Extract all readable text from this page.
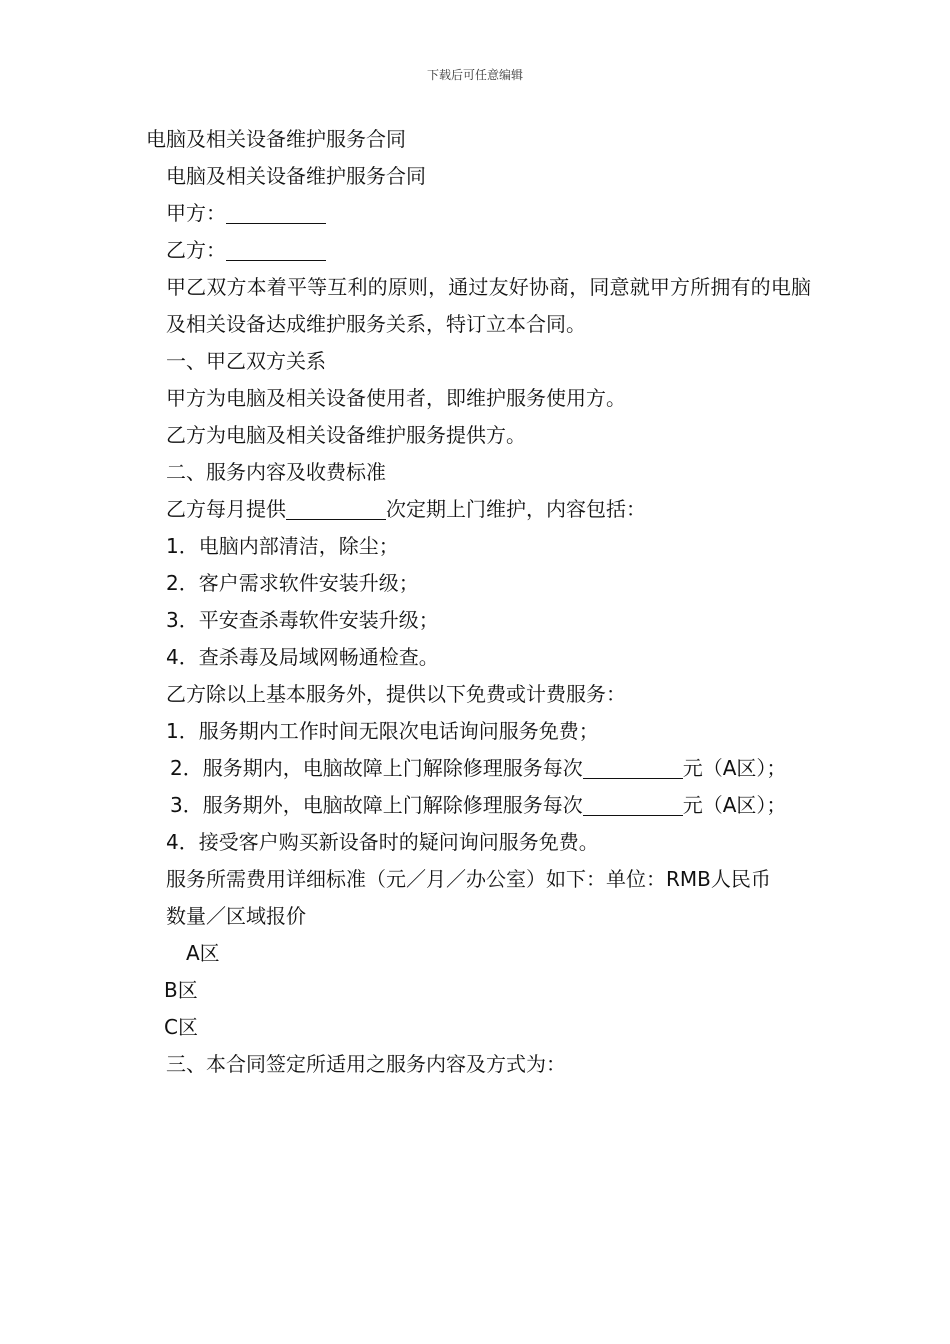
下载后可任意编辑
电脑及相关设备维护服务合同
电脑及相关设备维护服务合同
甲方：
乙方：
甲乙双方本着平等互利的原则，通过友好协商，同意就甲方所拥有的电脑及相关设备达成维护服务关系，特订立本合同。
一、甲乙双方关系
甲方为电脑及相关设备使用者，即维护服务使用方。
乙方为电脑及相关设备维护服务提供方。
二、服务内容及收费标准
乙方每月提供	次定期上门维护，内容包括：
1．电脑内部清洁，除尘；
2．客户需求软件安装升级；
3．平安查杀毒软件安装升级；
4．查杀毒及局域网畅通检查。
乙方除以上基本服务外，提供以下免费或计费服务：
1．服务期内工作时间无限次电话询问服务免费；
2．服务期内，电脑故障上门解除修理服务每次	元（A区）；
3．服务期外，电脑故障上门解除修理服务每次	元（A区）；
4．接受客户购买新设备时的疑问询问服务免费。
服务所需费用详细标准（元／月／办公室）如下：单位：RMB人民币
数量／区域报价
A区
B区
C区
三、本合同签定所适用之服务内容及方式为：
